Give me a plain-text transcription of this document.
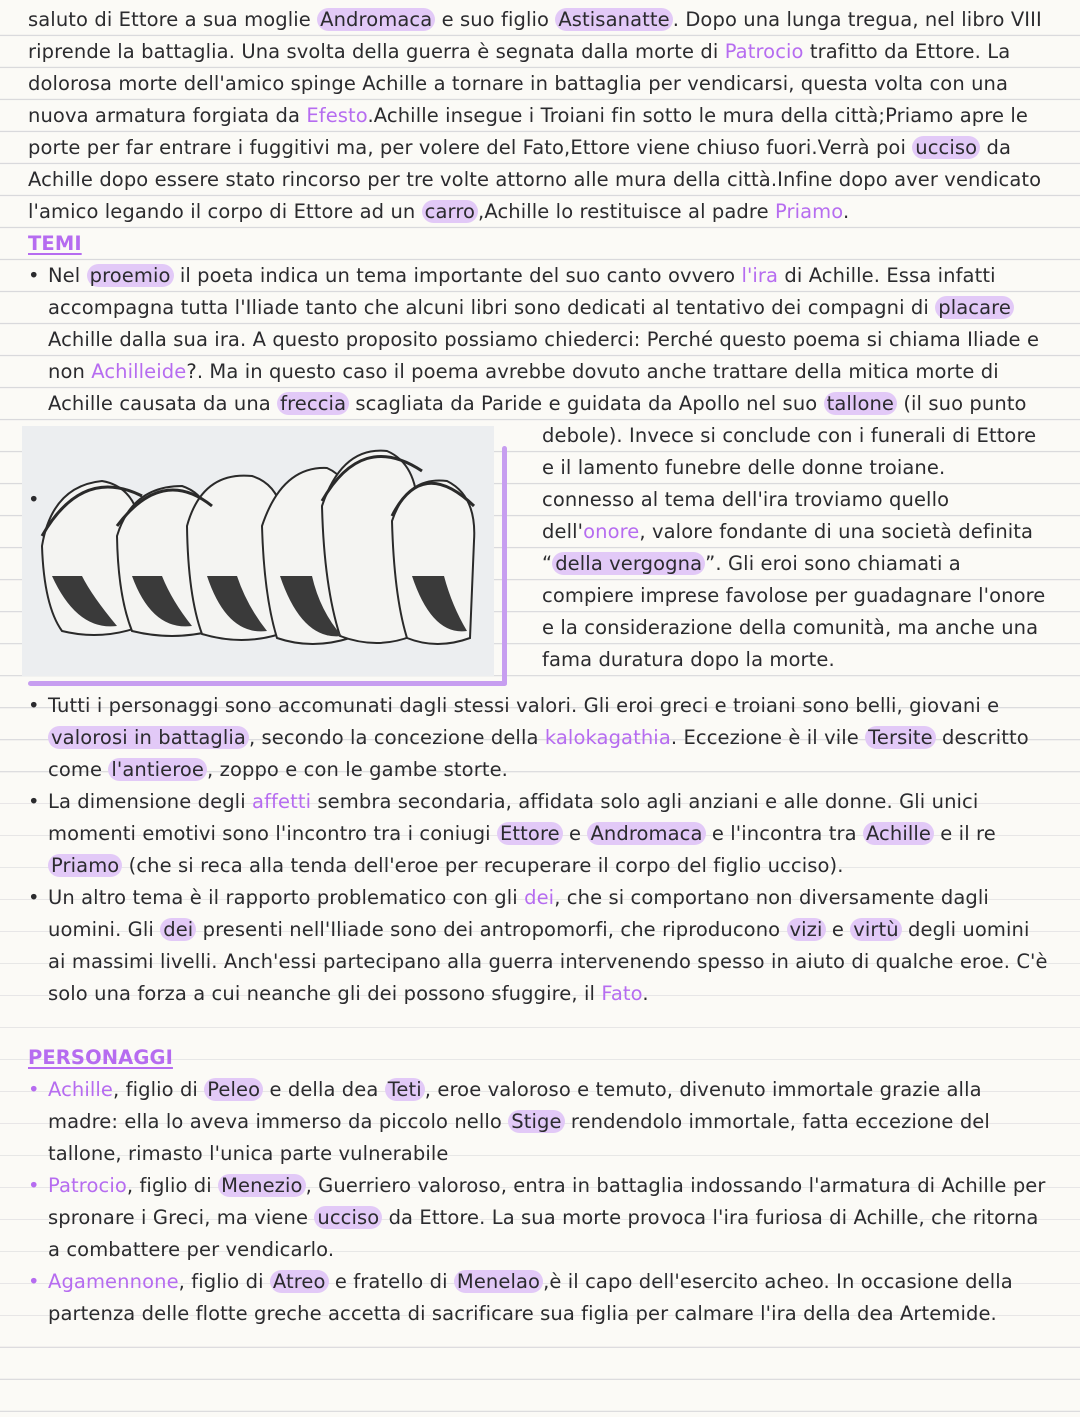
saluto di Ettore a sua moglie Andromaca e suo figlio Astisanatte . Dopo una lunga tregua, nel libro VIII riprende la battaglia. Una svolta della guerra è segnata dalla morte di Patrocio trafitto da Ettore. La dolorosa morte dell'amico spinge Achille a tornare in battaglia per vendicarsi, questa volta con una nuova armatura forgiata da Efesto.Achille insegue i Troiani fin sotto le mura della città;Priamo apre le porte per far entrare i fuggitivi ma, per volere del Fato,Ettore viene chiuso fuori.Verrà poi ucciso da Achille dopo essere stato rincorso per tre volte attorno alle mura della città.Infine dopo aver vendicato l'amico legando il corpo di Ettore ad un carro ,Achille lo restituisce al padre Priamo.

TEMI
• Nel proemio il poeta indica un tema importante del suo canto ovvero l'ira di Achille. Essa infatti accompagna tutta l'Iliade tanto che alcuni libri sono dedicati al tentativo dei compagni di placare Achille dalla sua ira. A questo proposito possiamo chiederci: Perché questo poema si chiama Iliade e non Achilleide?. Ma in questo caso il poema avrebbe dovuto anche trattare della mitica morte di Achille causata da una freccia scagliata da Paride e guidata da Apollo nel suo
tallone (il suo punto debole). Invece si conclude con i funerali di Ettore e il lamento funebre delle donne troiane.
• connesso al tema dell'ira troviamo quello dell'onore, valore fondante di una società definita “ della vergogna ”. Gli eroi sono chiamati a compiere imprese favolose per guadagnare l'onore e la considerazione della comunità, ma anche una fama duratura dopo la morte.
• Tutti i personaggi sono accomunati dagli stessi valori. Gli eroi greci e troiani sono belli, giovani e valorosi in battaglia , secondo la concezione della kalokagathia. Eccezione è il vile Tersite descritto come l'antieroe , zoppo e con le gambe storte.
• La dimensione degli affetti sembra secondaria, affidata solo agli anziani e alle donne. Gli unici momenti emotivi sono l'incontro tra i coniugi Ettore e Andromaca e l'incontra tra Achille e il re Priamo (che si reca alla tenda dell'eroe per recuperare il corpo del figlio ucciso).
• Un altro tema è il rapporto problematico con gli dei, che si comportano non diversamente dagli uomini. Gli dei presenti nell'Iliade sono dei antropomorfi, che riproducono vizi e virtù degli uomini ai massimi livelli. Anch'essi partecipano alla guerra intervenendo spesso in aiuto di qualche eroe. C'è solo una forza a cui neanche gli dei possono sfuggire, il Fato.
PERSONAGGI
• Achille, figlio di Peleo e della dea Teti , eroe valoroso e temuto, divenuto immortale grazie alla madre: ella lo aveva immerso da piccolo nello Stige rendendolo immortale, fatta eccezione del tallone, rimasto l'unica parte vulnerabile
• Patrocio, figlio di Menezio , Guerriero valoroso, entra in battaglia indossando l'armatura di Achille per spronare i Greci, ma viene ucciso da Ettore. La sua morte provoca l'ira furiosa di Achille, che ritorna a combattere per vendicarlo.
• Agamennone, figlio di Atreo e fratello di Menelao ,è il capo dell'esercito acheo. In occasione della partenza delle flotte greche accetta di sacrificare sua figlia per calmare l'ira della dea Artemide.
